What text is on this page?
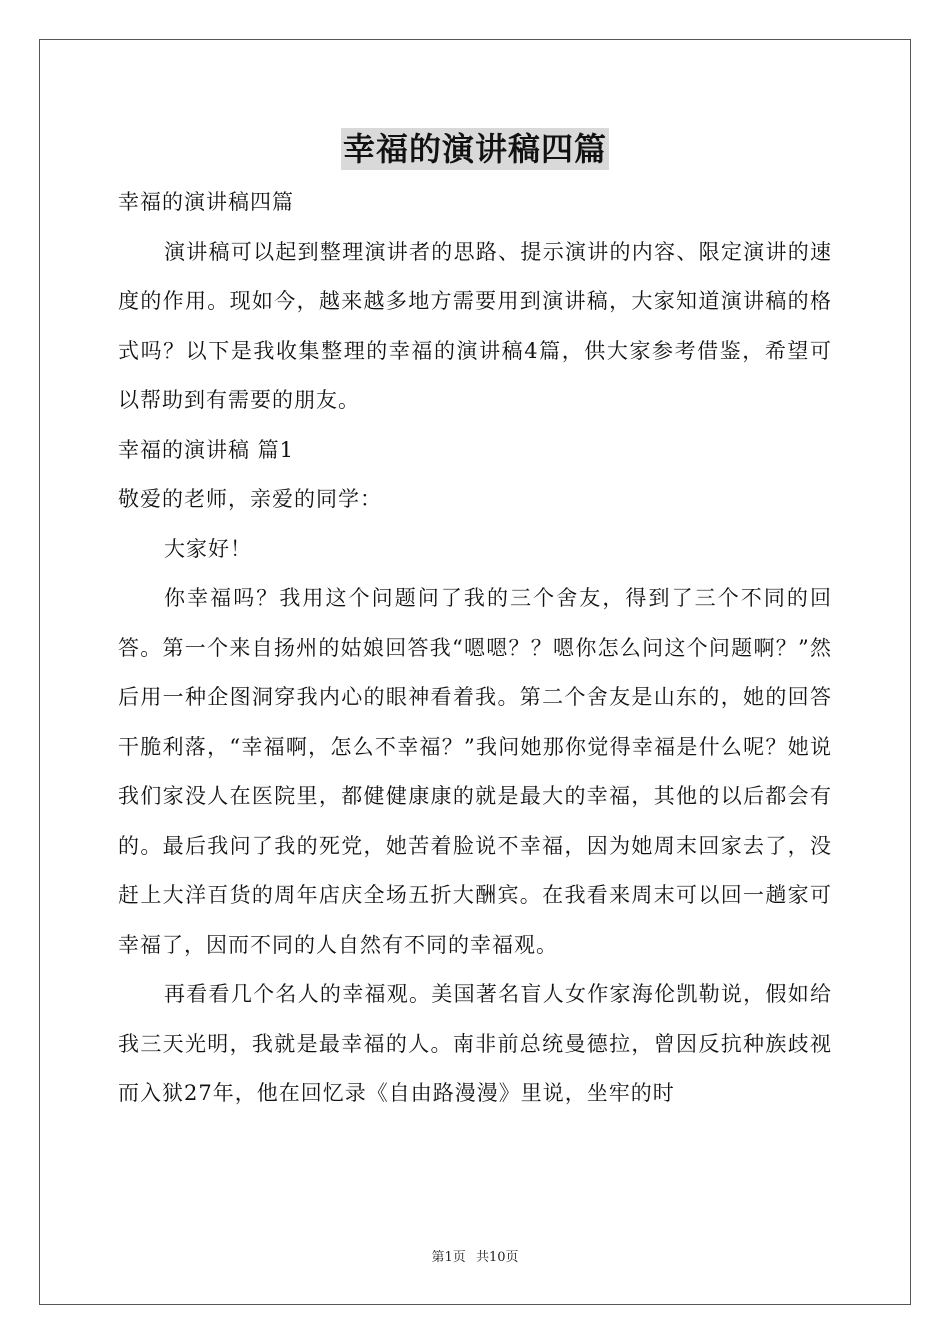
幸福的演讲稿四篇

幸福的演讲稿四篇

演讲稿可以起到整理演讲者的思路、提示演讲的内容、限定演讲的速度的作用。现如今，越来越多地方需要用到演讲稿，大家知道演讲稿的格式吗？以下是我收集整理的幸福的演讲稿4篇，供大家参考借鉴，希望可以帮助到有需要的朋友。

幸福的演讲稿 篇1

敬爱的老师，亲爱的同学：

大家好！

你幸福吗？我用这个问题问了我的三个舍友，得到了三个不同的回答。第一个来自扬州的姑娘回答我“嗯嗯？？嗯你怎么问这个问题啊？”然后用一种企图洞穿我内心的眼神看着我。第二个舍友是山东的，她的回答干脆利落，“幸福啊，怎么不幸福？”我问她那你觉得幸福是什么呢？她说我们家没人在医院里，都健健康康的就是最大的幸福，其他的以后都会有的。最后我问了我的死党，她苦着脸说不幸福，因为她周末回家去了，没赶上大洋百货的周年店庆全场五折大酬宾。在我看来周末可以回一趟家可幸福了，因而不同的人自然有不同的幸福观。

再看看几个名人的幸福观。美国著名盲人女作家海伦凯勒说，假如给我三天光明，我就是最幸福的人。南非前总统曼德拉，曾因反抗种族歧视而入狱27年，他在回忆录《自由路漫漫》里说，坐牢的时

第1页 共10页
